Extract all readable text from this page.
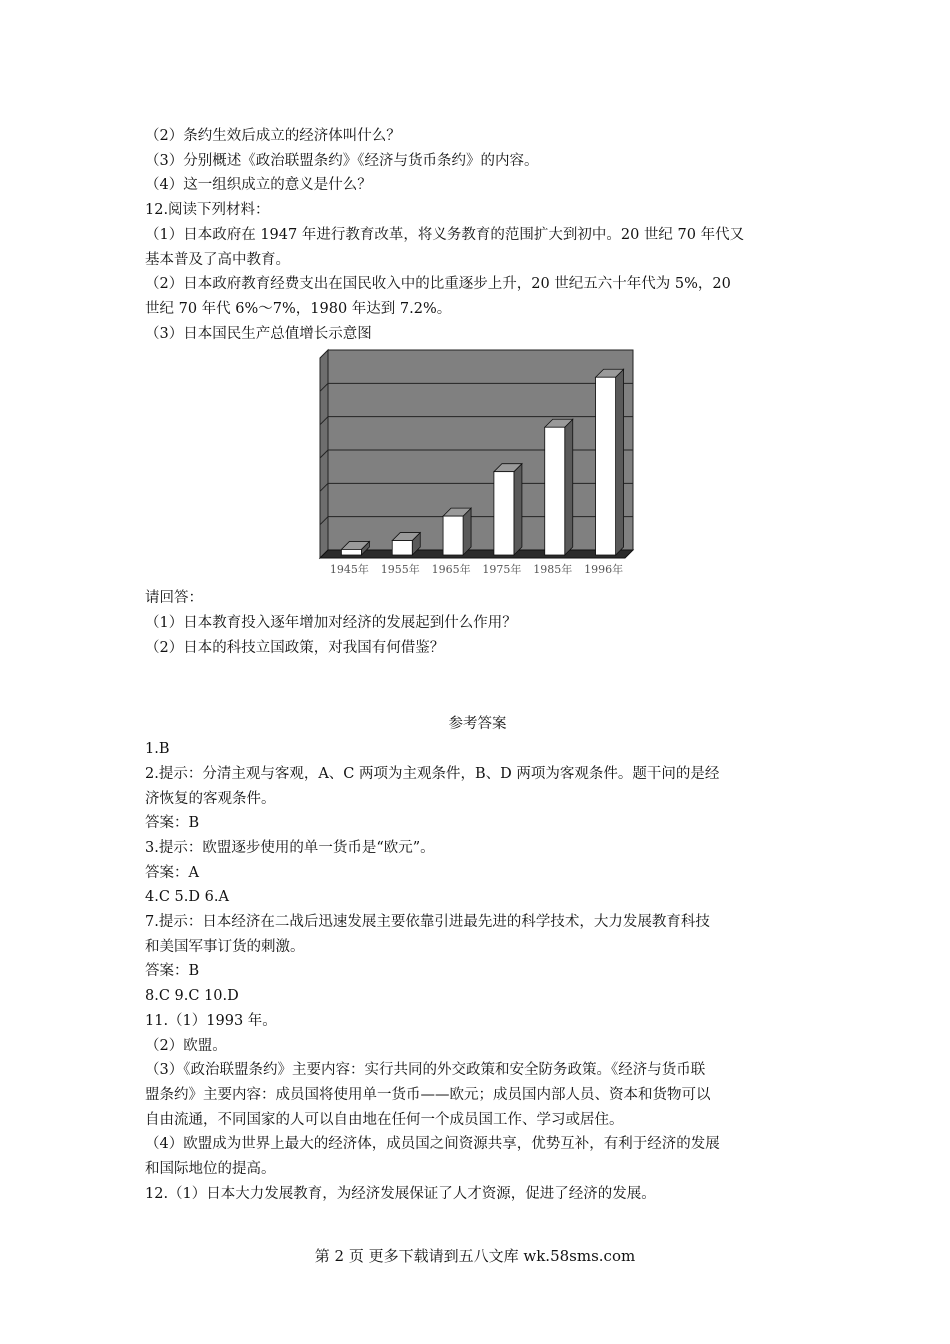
（2）条约生效后成立的经济体叫什么？
（3）分别概述《政治联盟条约》《经济与货币条约》的内容。
（4）这一组织成立的意义是什么？
12.阅读下列材料：
（1）日本政府在 1947 年进行教育改革，将义务教育的范围扩大到初中。20 世纪 70 年代又
基本普及了高中教育。
（2）日本政府教育经费支出在国民收入中的比重逐步上升，20 世纪五六十年代为 5%，20
世纪 70 年代 6%～7%，1980 年达到 7.2%。
（3）日本国民生产总值增长示意图
1945年 1955年 1965年 1975年 1985年 1996年
请回答：
（1）日本教育投入逐年增加对经济的发展起到什么作用？
（2）日本的科技立国政策，对我国有何借鉴？
参考答案
1.B
2.提示：分清主观与客观，A、C 两项为主观条件，B、D 两项为客观条件。题干问的是经
济恢复的客观条件。
答案：B
3.提示：欧盟逐步使用的单一货币是“欧元”。
答案：A
4.C 5.D 6.A
7.提示：日本经济在二战后迅速发展主要依靠引进最先进的科学技术，大力发展教育科技
和美国军事订货的刺激。
答案：B
8.C 9.C 10.D
11.（1）1993 年。
（2）欧盟。
（3）《政治联盟条约》主要内容：实行共同的外交政策和安全防务政策。《经济与货币联
盟条约》主要内容：成员国将使用单一货币——欧元；成员国内部人员、资本和货物可以
自由流通，不同国家的人可以自由地在任何一个成员国工作、学习或居住。
（4）欧盟成为世界上最大的经济体，成员国之间资源共享，优势互补，有利于经济的发展
和国际地位的提高。
12.（1）日本大力发展教育，为经济发展保证了人才资源，促进了经济的发展。
第 2 页 更多下载请到五八文库 wk.58sms.com
